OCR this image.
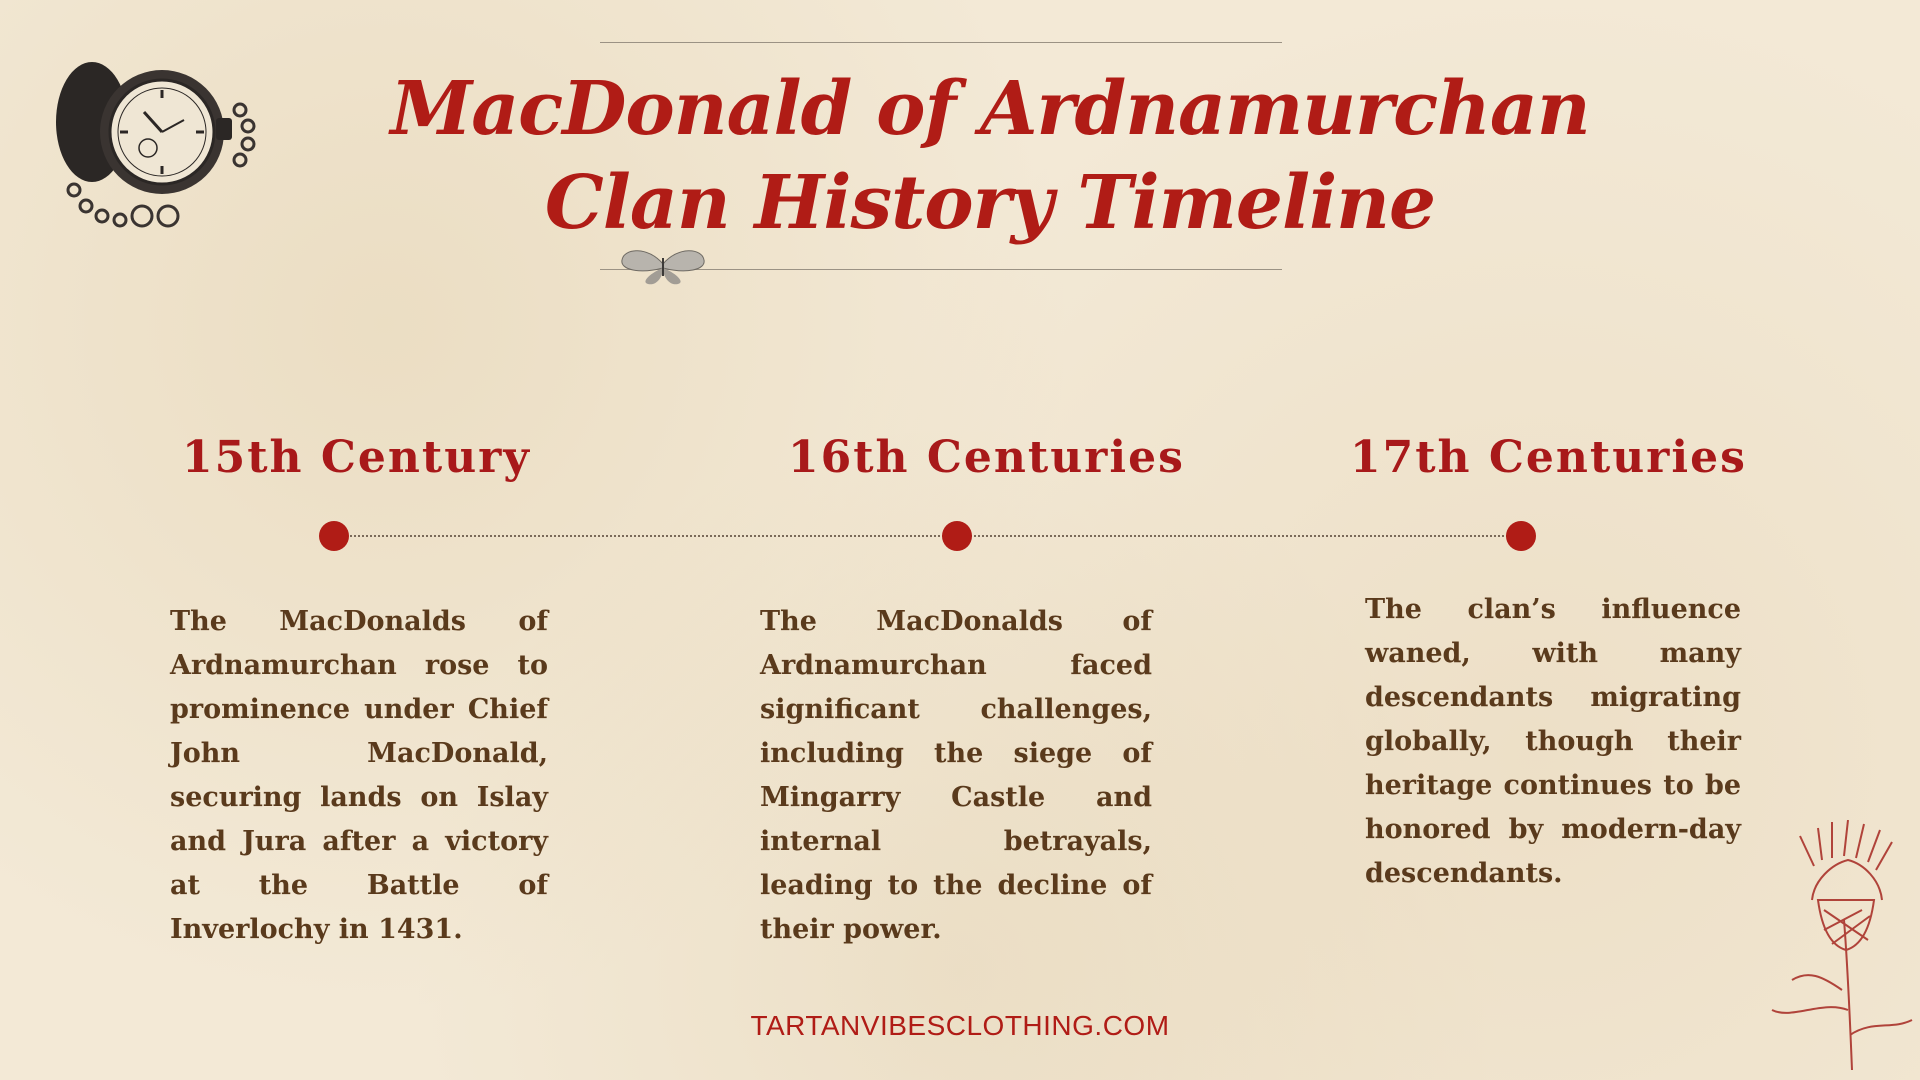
MacDonald of Ardnamurchan
Clan History Timeline
15th Century	16th Centuries	17th Centuries

The MacDonalds of Ardnamurchan rose to prominence under Chief John MacDonald, securing lands on Islay and Jura after a victory at the Battle of Inverlochy in 1431.

The MacDonalds of Ardnamurchan faced significant challenges, including the siege of Mingarry Castle and internal betrayals, leading to the decline of their power.

The clan’s influence waned, with many descendants migrating globally, though their heritage continues to be honored by modern-day descendants.

TARTANVIBESCLOTHING.COM
